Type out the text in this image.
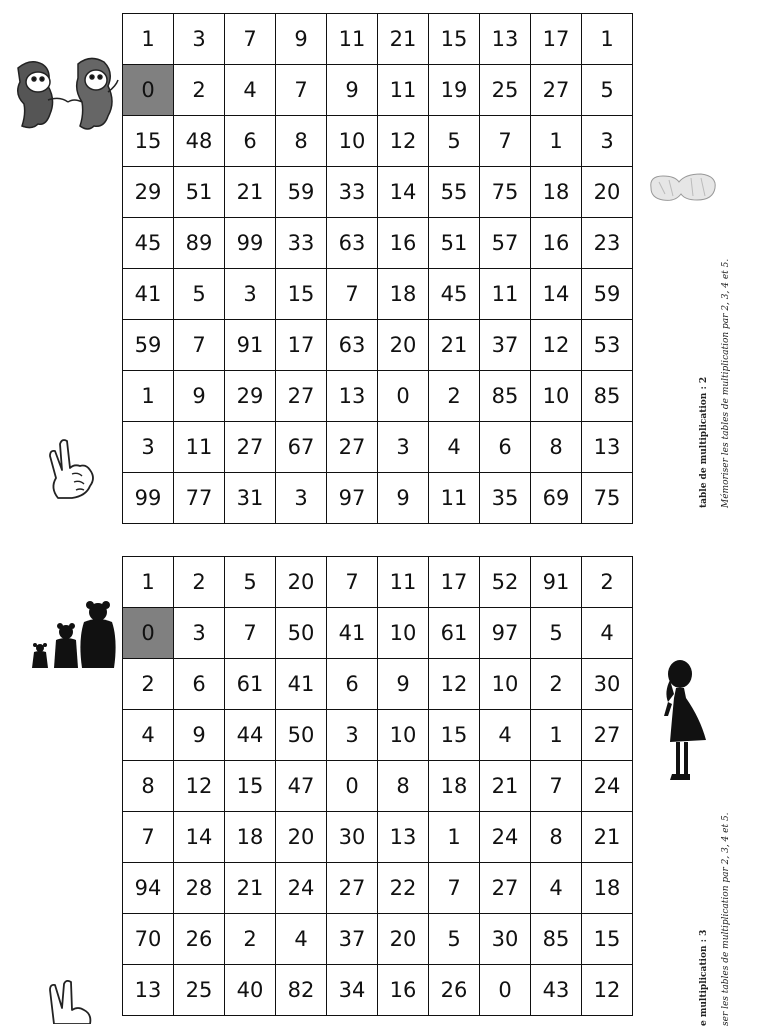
1	3	7	9	11	21	15	13	17	1
0	2	4	7	9	11	19	25	27	5
15	48	6	8	10	12	5	7	1	3
29	51	21	59	33	14	55	75	18	20
45	89	99	33	63	16	51	57	16	23
41	5	3	15	7	18	45	11	14	59
59	7	91	17	63	20	21	37	12	53
1	9	29	27	13	0	2	85	10	85
3	11	27	67	27	3	4	6	8	13
99	77	31	3	97	9	11	35	69	75
1	2	5	20	7	11	17	52	91	2
0	3	7	50	41	10	61	97	5	4
2	6	61	41	6	9	12	10	2	30
4	9	44	50	3	10	15	4	1	27
8	12	15	47	0	8	18	21	7	24
7	14	18	20	30	13	1	24	8	21
94	28	21	24	27	22	7	27	4	18
70	26	2	4	37	20	5	30	85	15
13	25	40	82	34	16	26	0	43	12
table de multiplication : 2 Mémoriser les tables de multiplication par 2, 3, 4 et 5.
e multiplication : 3 ser les tables de multiplication par 2, 3, 4 et 5.
